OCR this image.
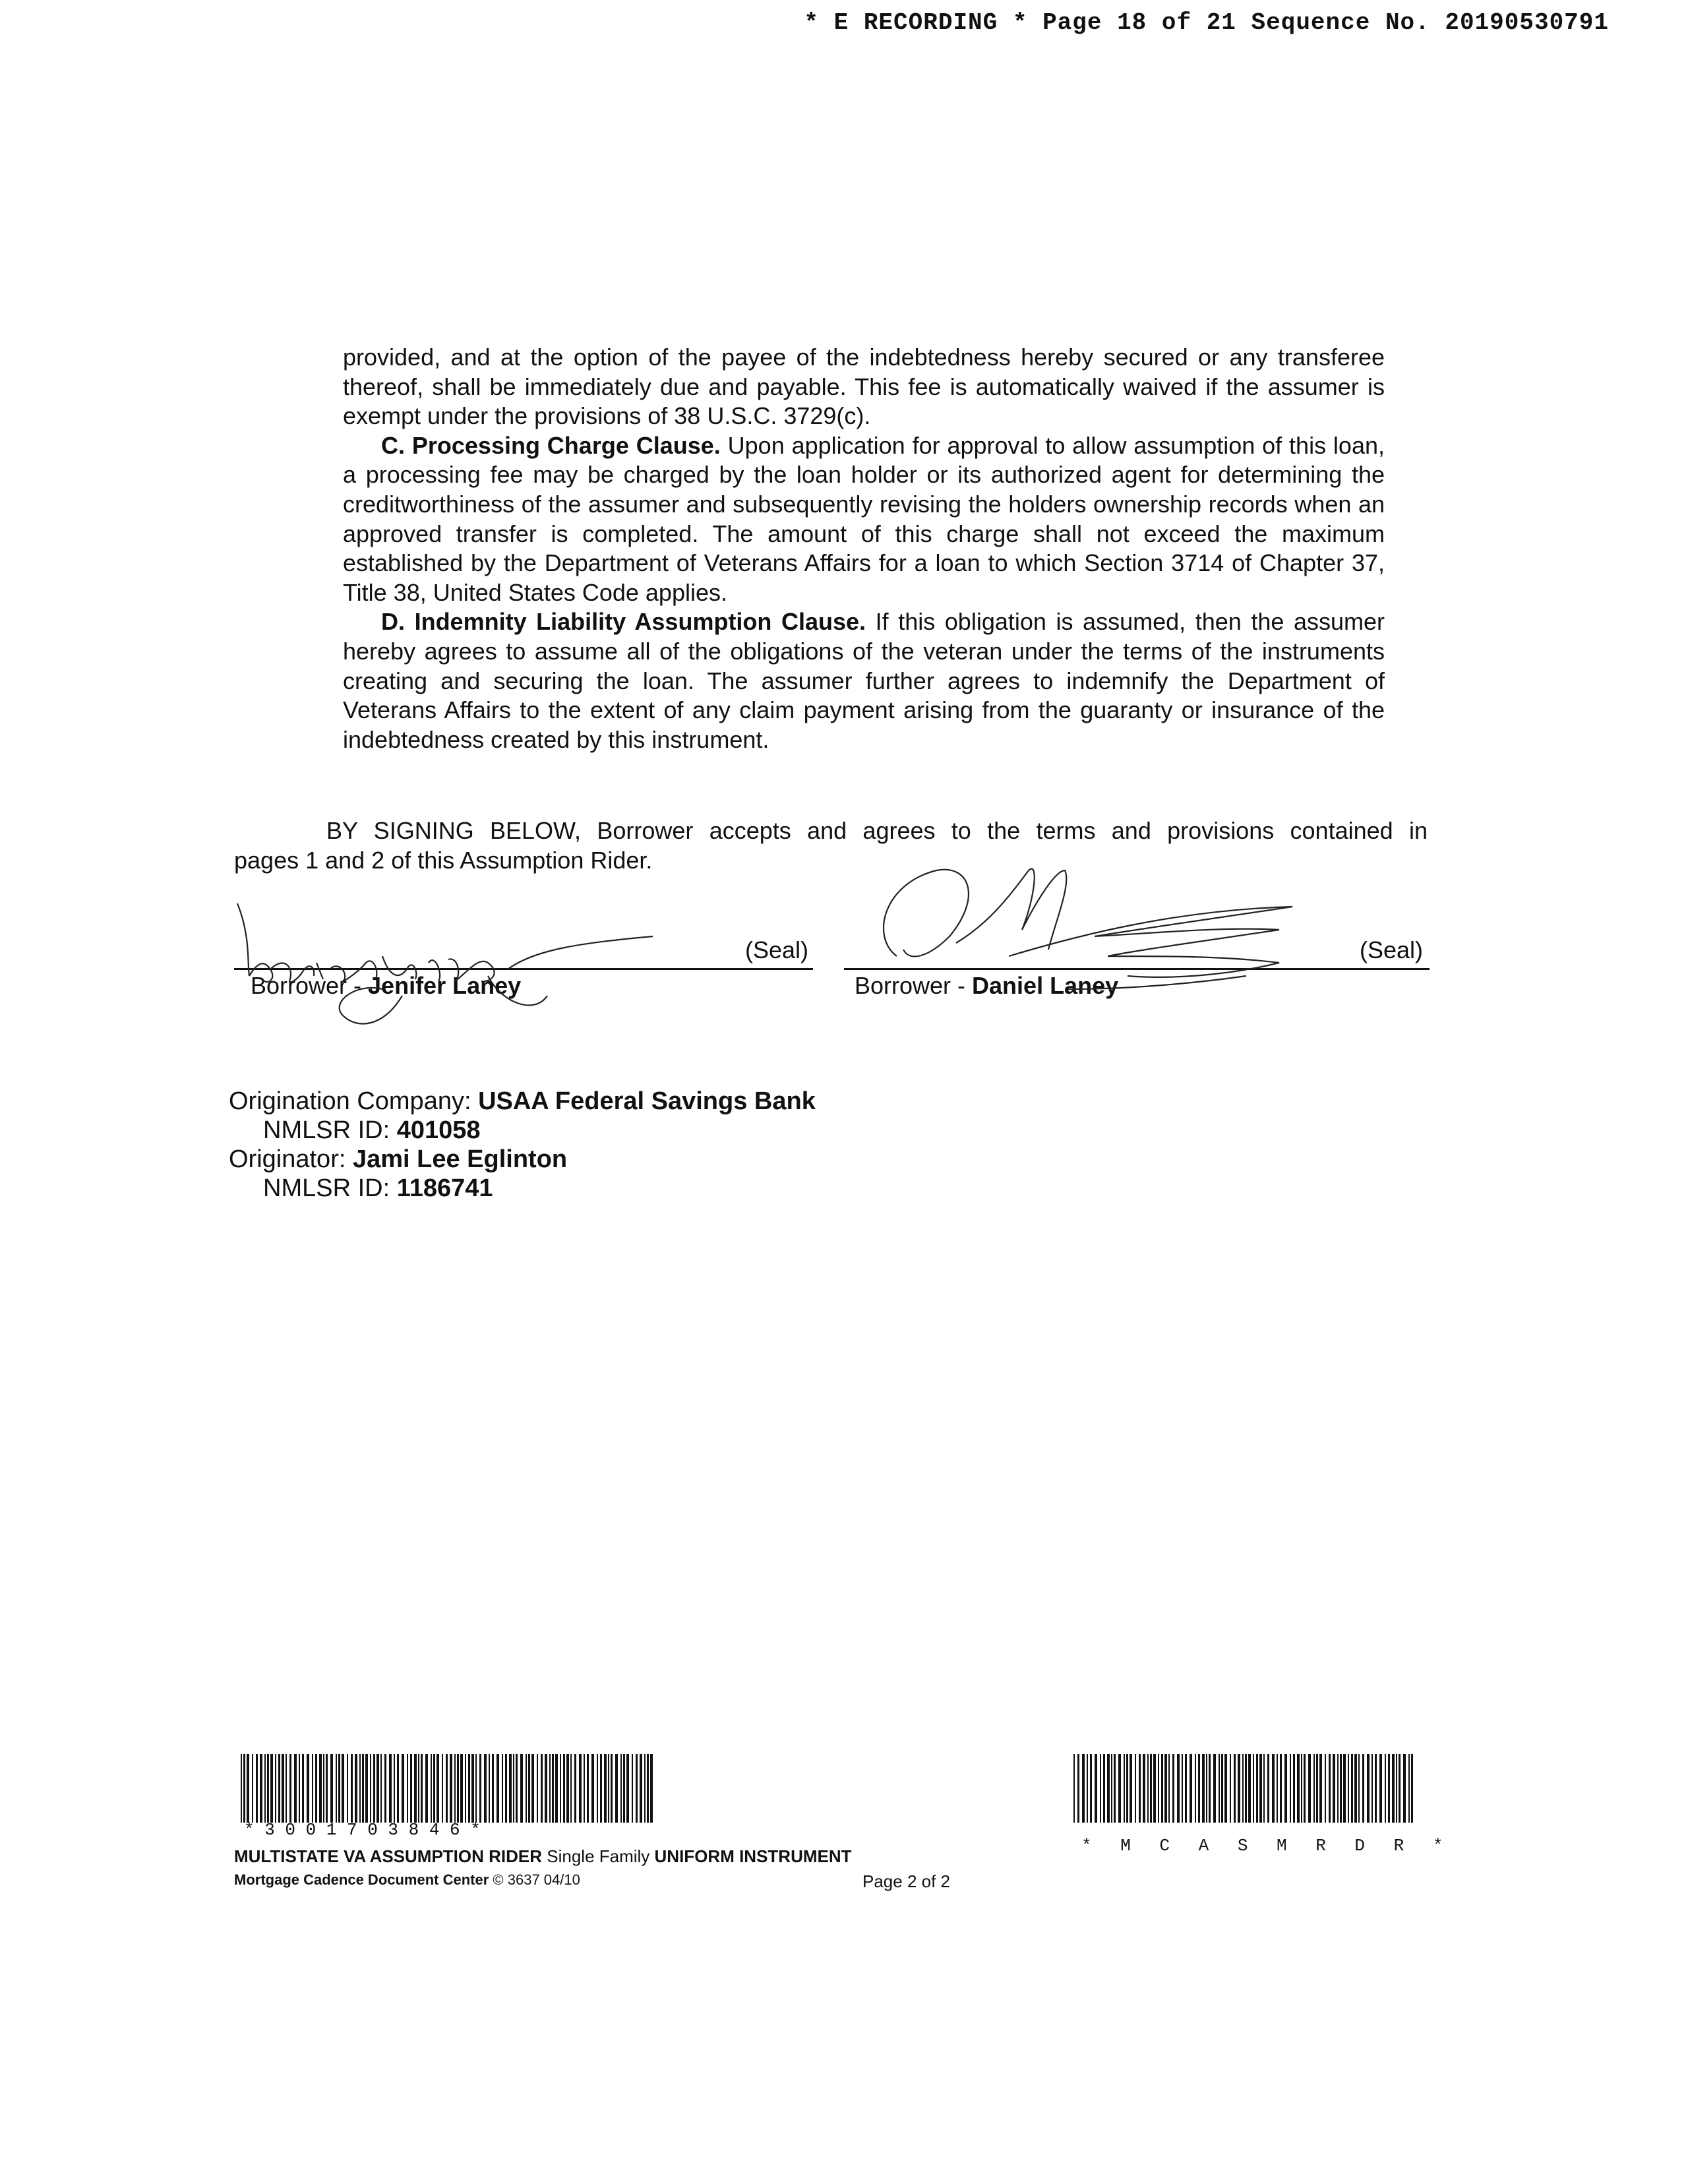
* E RECORDING * Page 18 of 21 Sequence No. 20190530791

provided, and at the option of the payee of the indebtedness hereby secured or any transferee thereof, shall be immediately due and payable. This fee is automatically waived if the assumer is exempt under the provisions of 38 U.S.C. 3729(c).

C. Processing Charge Clause. Upon application for approval to allow assumption of this loan, a processing fee may be charged by the loan holder or its authorized agent for determining the creditworthiness of the assumer and subsequently revising the holders ownership records when an approved transfer is completed. The amount of this charge shall not exceed the maximum established by the Department of Veterans Affairs for a loan to which Section 3714 of Chapter 37, Title 38, United States Code applies.

D. Indemnity Liability Assumption Clause. If this obligation is assumed, then the assumer hereby agrees to assume all of the obligations of the veteran under the terms of the instruments creating and securing the loan. The assumer further agrees to indemnify the Department of Veterans Affairs to the extent of any claim payment arising from the guaranty or insurance of the indebtedness created by this instrument.

BY SIGNING BELOW, Borrower accepts and agrees to the terms and provisions contained in
pages 1 and 2 of this Assumption Rider.
(Seal)
Borrower - Jenifer Laney
(Seal)
Borrower - Daniel Laney
Origination Company: USAA Federal Savings Bank
NMLSR ID: 401058
Originator: Jami Lee Eglinton
NMLSR ID: 1186741
* 3 0 0 1 7 0 3 8 4 6 *
* M C A S M R D R *
MULTISTATE VA ASSUMPTION RIDER Single Family UNIFORM INSTRUMENT
Mortgage Cadence Document Center © 3637 04/10	Page 2 of 2
